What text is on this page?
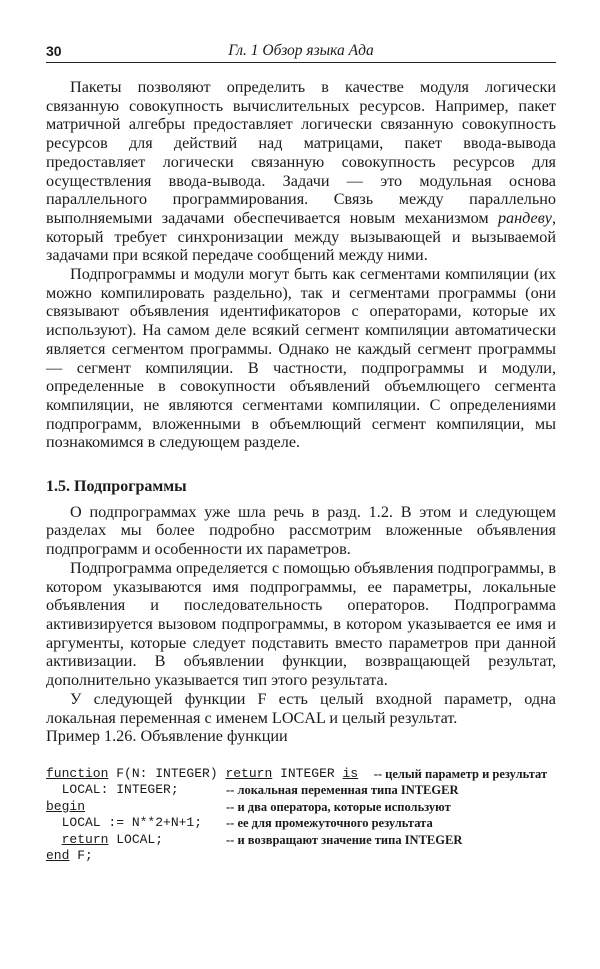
30	Гл. 1 Обзор языка Ада

Пакеты позволяют определить в качестве модуля логически связанную совокупность вычислительных ресурсов. Например, пакет матричной алгебры предоставляет логически связанную совокупность ресурсов для действий над матрицами, пакет ввода-вывода предоставляет логически связанную совокупность ресурсов для осуществления ввода-вывода. Задачи — это модульная основа параллельного программирования. Связь между параллельно выполняемыми задачами обеспечивается новым механизмом рандеву, который требует синхронизации между вызывающей и вызываемой задачами при всякой передаче сообщений между ними.

Подпрограммы и модули могут быть как сегментами компиляции (их можно компилировать раздельно), так и сегментами программы (они связывают объявления идентификаторов с операторами, которые их используют). На самом деле всякий сегмент компиляции автоматически является сегментом программы. Однако не каждый сегмент программы — сегмент компиляции. В частности, подпрограммы и модули, определенные в совокупности объявлений объемлющего сегмента компиляции, не являются сегментами компиляции. С определениями подпрограмм, вложенными в объемлющий сегмент компиляции, мы познакомимся в следующем разделе.

1.5. Подпрограммы

О подпрограммах уже шла речь в разд. 1.2. В этом и следующем разделах мы более подробно рассмотрим вложенные объявления подпрограмм и особенности их параметров.

Подпрограмма определяется с помощью объявления подпрограммы, в котором указываются имя подпрограммы, ее параметры, локальные объявления и последовательность операторов. Подпрограмма активизируется вызовом подпрограммы, в котором указывается ее имя и аргументы, которые следует подставить вместо параметров при данной активизации. В объявлении функции, возвращающей результат, дополнительно указывается тип этого результата.

У следующей функции F есть целый входной параметр, одна локальная переменная с именем LOCAL и целый результат.

Пример 1.26. Объявление функции

function F(N: INTEGER) return INTEGER is	-- целый параметр и результат
LOCAL: INTEGER;	-- локальная переменная типа INTEGER
begin	-- и два оператора, которые используют
LOCAL := N**2+N+1;	-- ее для промежуточного результата
return LOCAL;	-- и возвращают значение типа INTEGER
end F;
